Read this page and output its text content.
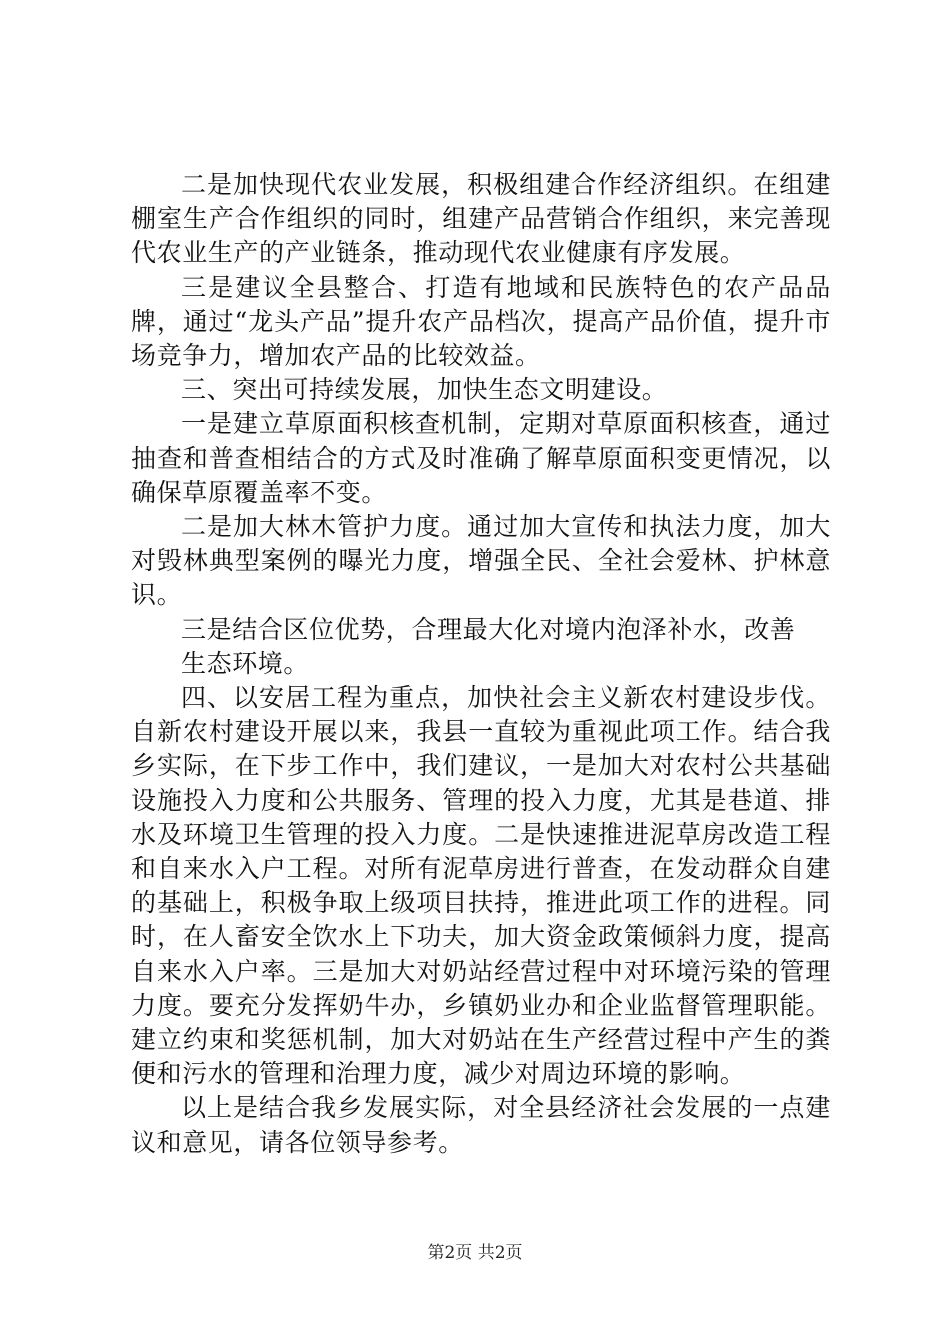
二是加快现代农业发展，积极组建合作经济组织。在组建棚室生产合作组织的同时，组建产品营销合作组织，来完善现代农业生产的产业链条，推动现代农业健康有序发展。

三是建议全县整合、打造有地域和民族特色的农产品品牌，通过“龙头产品”提升农产品档次，提高产品价值，提升市场竞争力，增加农产品的比较效益。

三、突出可持续发展，加快生态文明建设。

一是建立草原面积核查机制，定期对草原面积核查，通过抽查和普查相结合的方式及时准确了解草原面积变更情况，以确保草原覆盖率不变。

二是加大林木管护力度。通过加大宣传和执法力度，加大对毁林典型案例的曝光力度，增强全民、全社会爱林、护林意识。

三是结合区位优势，合理最大化对境内泡泽补水，改善

生态环境。

四、以安居工程为重点，加快社会主义新农村建设步伐。自新农村建设开展以来，我县一直较为重视此项工作。结合我乡实际，在下步工作中，我们建议，一是加大对农村公共基础设施投入力度和公共服务、管理的投入力度，尤其是巷道、排水及环境卫生管理的投入力度。二是快速推进泥草房改造工程和自来水入户工程。对所有泥草房进行普查，在发动群众自建的基础上，积极争取上级项目扶持，推进此项工作的进程。同时，在人畜安全饮水上下功夫，加大资金政策倾斜力度，提高自来水入户率。三是加大对奶站经营过程中对环境污染的管理力度。要充分发挥奶牛办，乡镇奶业办和企业监督管理职能。建立约束和奖惩机制，加大对奶站在生产经营过程中产生的粪便和污水的管理和治理力度，减少对周边环境的影响。

以上是结合我乡发展实际，对全县经济社会发展的一点建议和意见，请各位领导参考。

第2页 共2页
